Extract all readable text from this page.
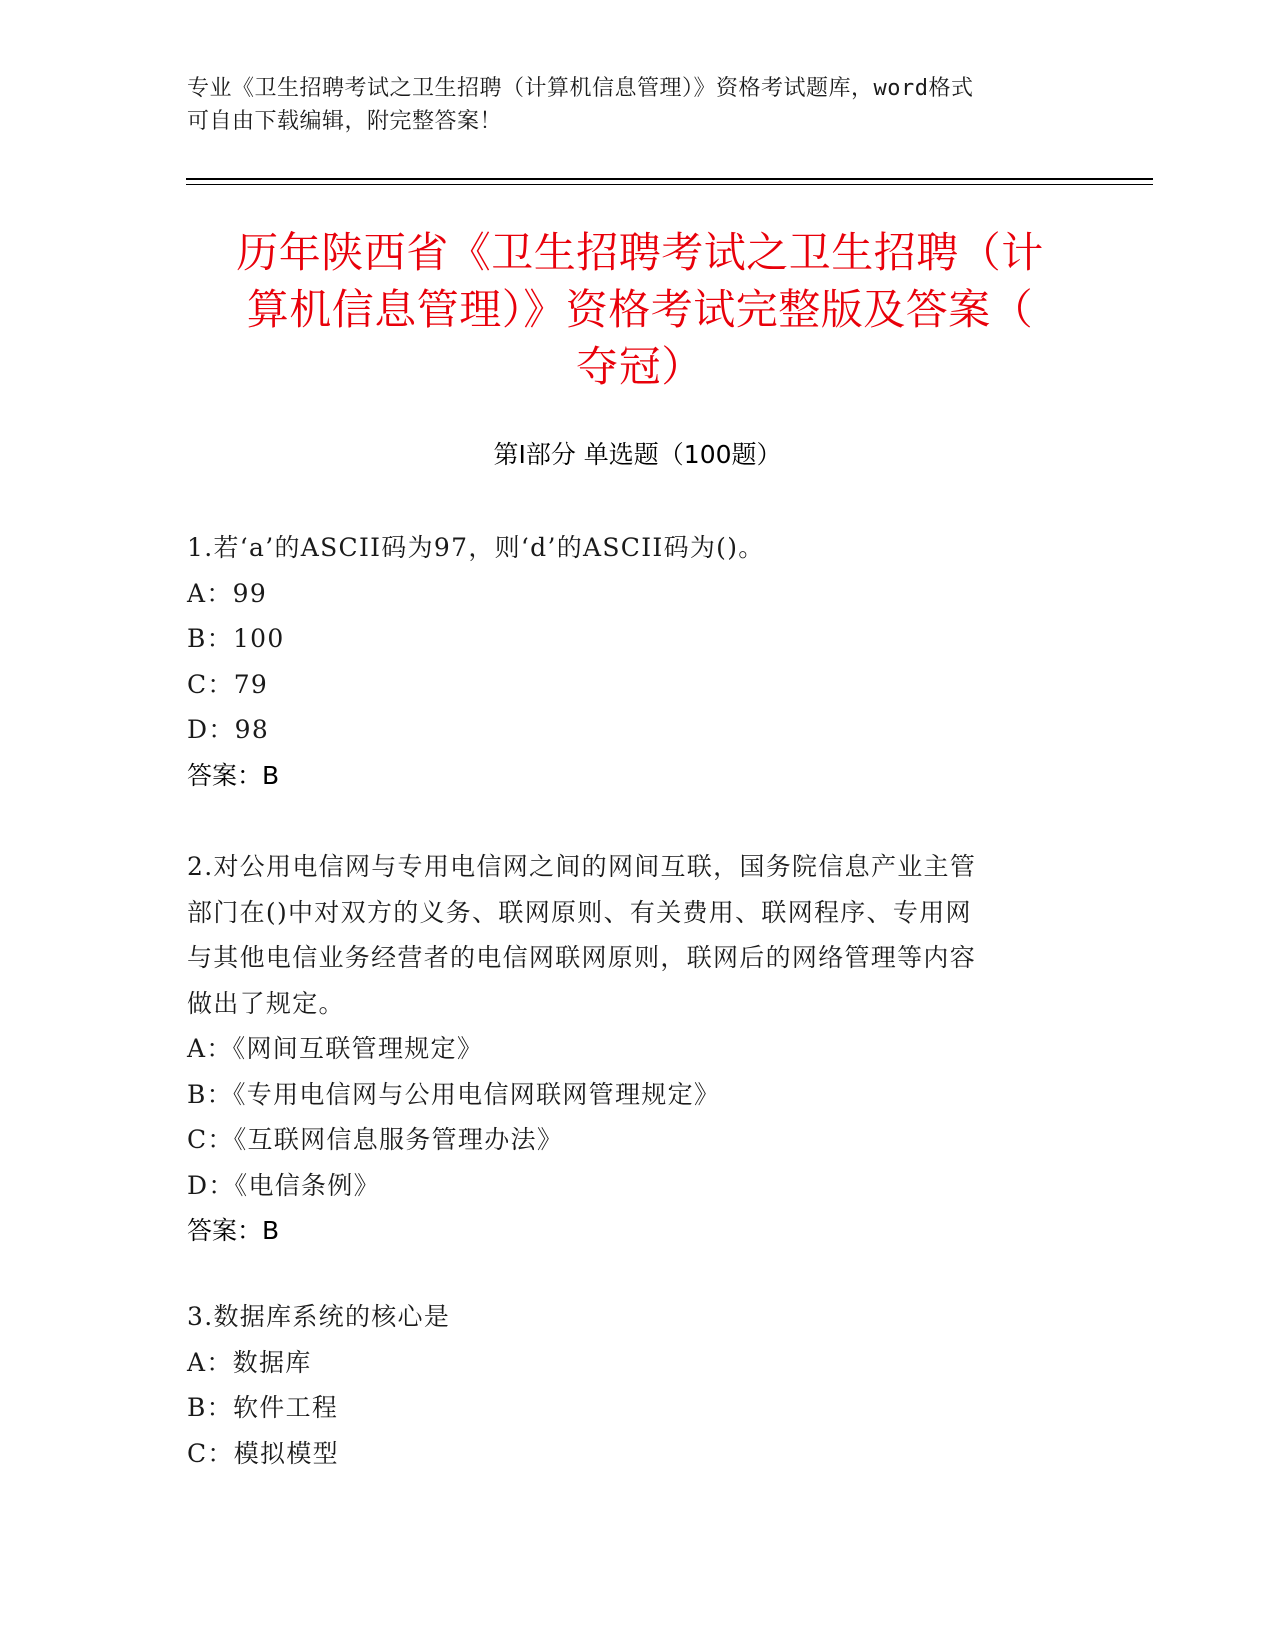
专业《卫生招聘考试之卫生招聘（计算机信息管理）》资格考试题库，word格式
可自由下载编辑，附完整答案！
历年陕西省《卫生招聘考试之卫生招聘（计
算机信息管理）》资格考试完整版及答案（
夺冠）
第I部分 单选题（100题）
1.若‘a’的ASCII码为97，则‘d’的ASCII码为()。
A：99
B：100
C：79
D：98
答案：B
2.对公用电信网与专用电信网之间的网间互联，国务院信息产业主管
部门在()中对双方的义务、联网原则、有关费用、联网程序、专用网
与其他电信业务经营者的电信网联网原则，联网后的网络管理等内容
做出了规定。
A：《网间互联管理规定》
B：《专用电信网与公用电信网联网管理规定》
C：《互联网信息服务管理办法》
D：《电信条例》
答案：B
3.数据库系统的核心是
A：数据库
B：软件工程
C：模拟模型
